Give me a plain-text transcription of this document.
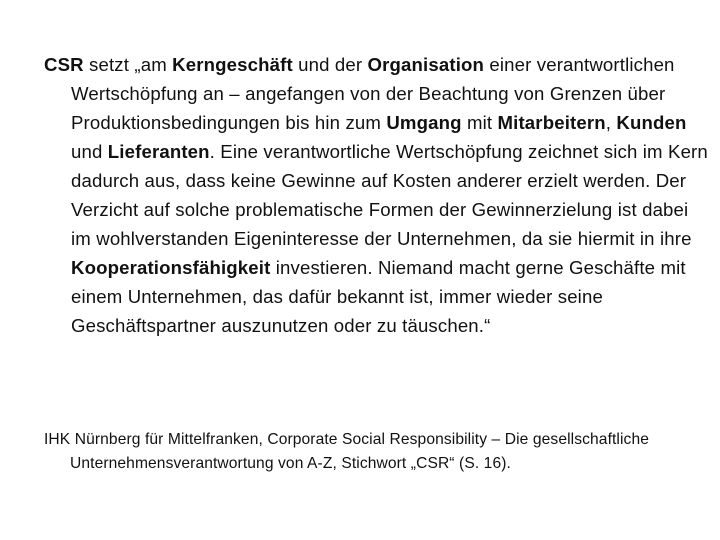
CSR setzt „am Kerngeschäft und der Organisation einer verantwortlichen Wertschöpfung an – angefangen von der Beachtung von Grenzen über Produktionsbedingungen bis hin zum Umgang mit Mitarbeitern, Kunden und Lieferanten. Eine verantwortliche Wertschöpfung zeichnet sich im Kern dadurch aus, dass keine Gewinne auf Kosten anderer erzielt werden. Der Verzicht auf solche problematische Formen der Gewinnerzielung ist dabei im wohlverstanden Eigeninteresse der Unternehmen, da sie hiermit in ihre Kooperationsfähigkeit investieren. Niemand macht gerne Geschäfte mit einem Unternehmen, das dafür bekannt ist, immer wieder seine Geschäftspartner auszunutzen oder zu täuschen.“

IHK Nürnberg für Mittelfranken, Corporate Social Responsibility – Die gesellschaftliche Unternehmensverantwortung von A-Z, Stichwort „CSR“ (S. 16).
